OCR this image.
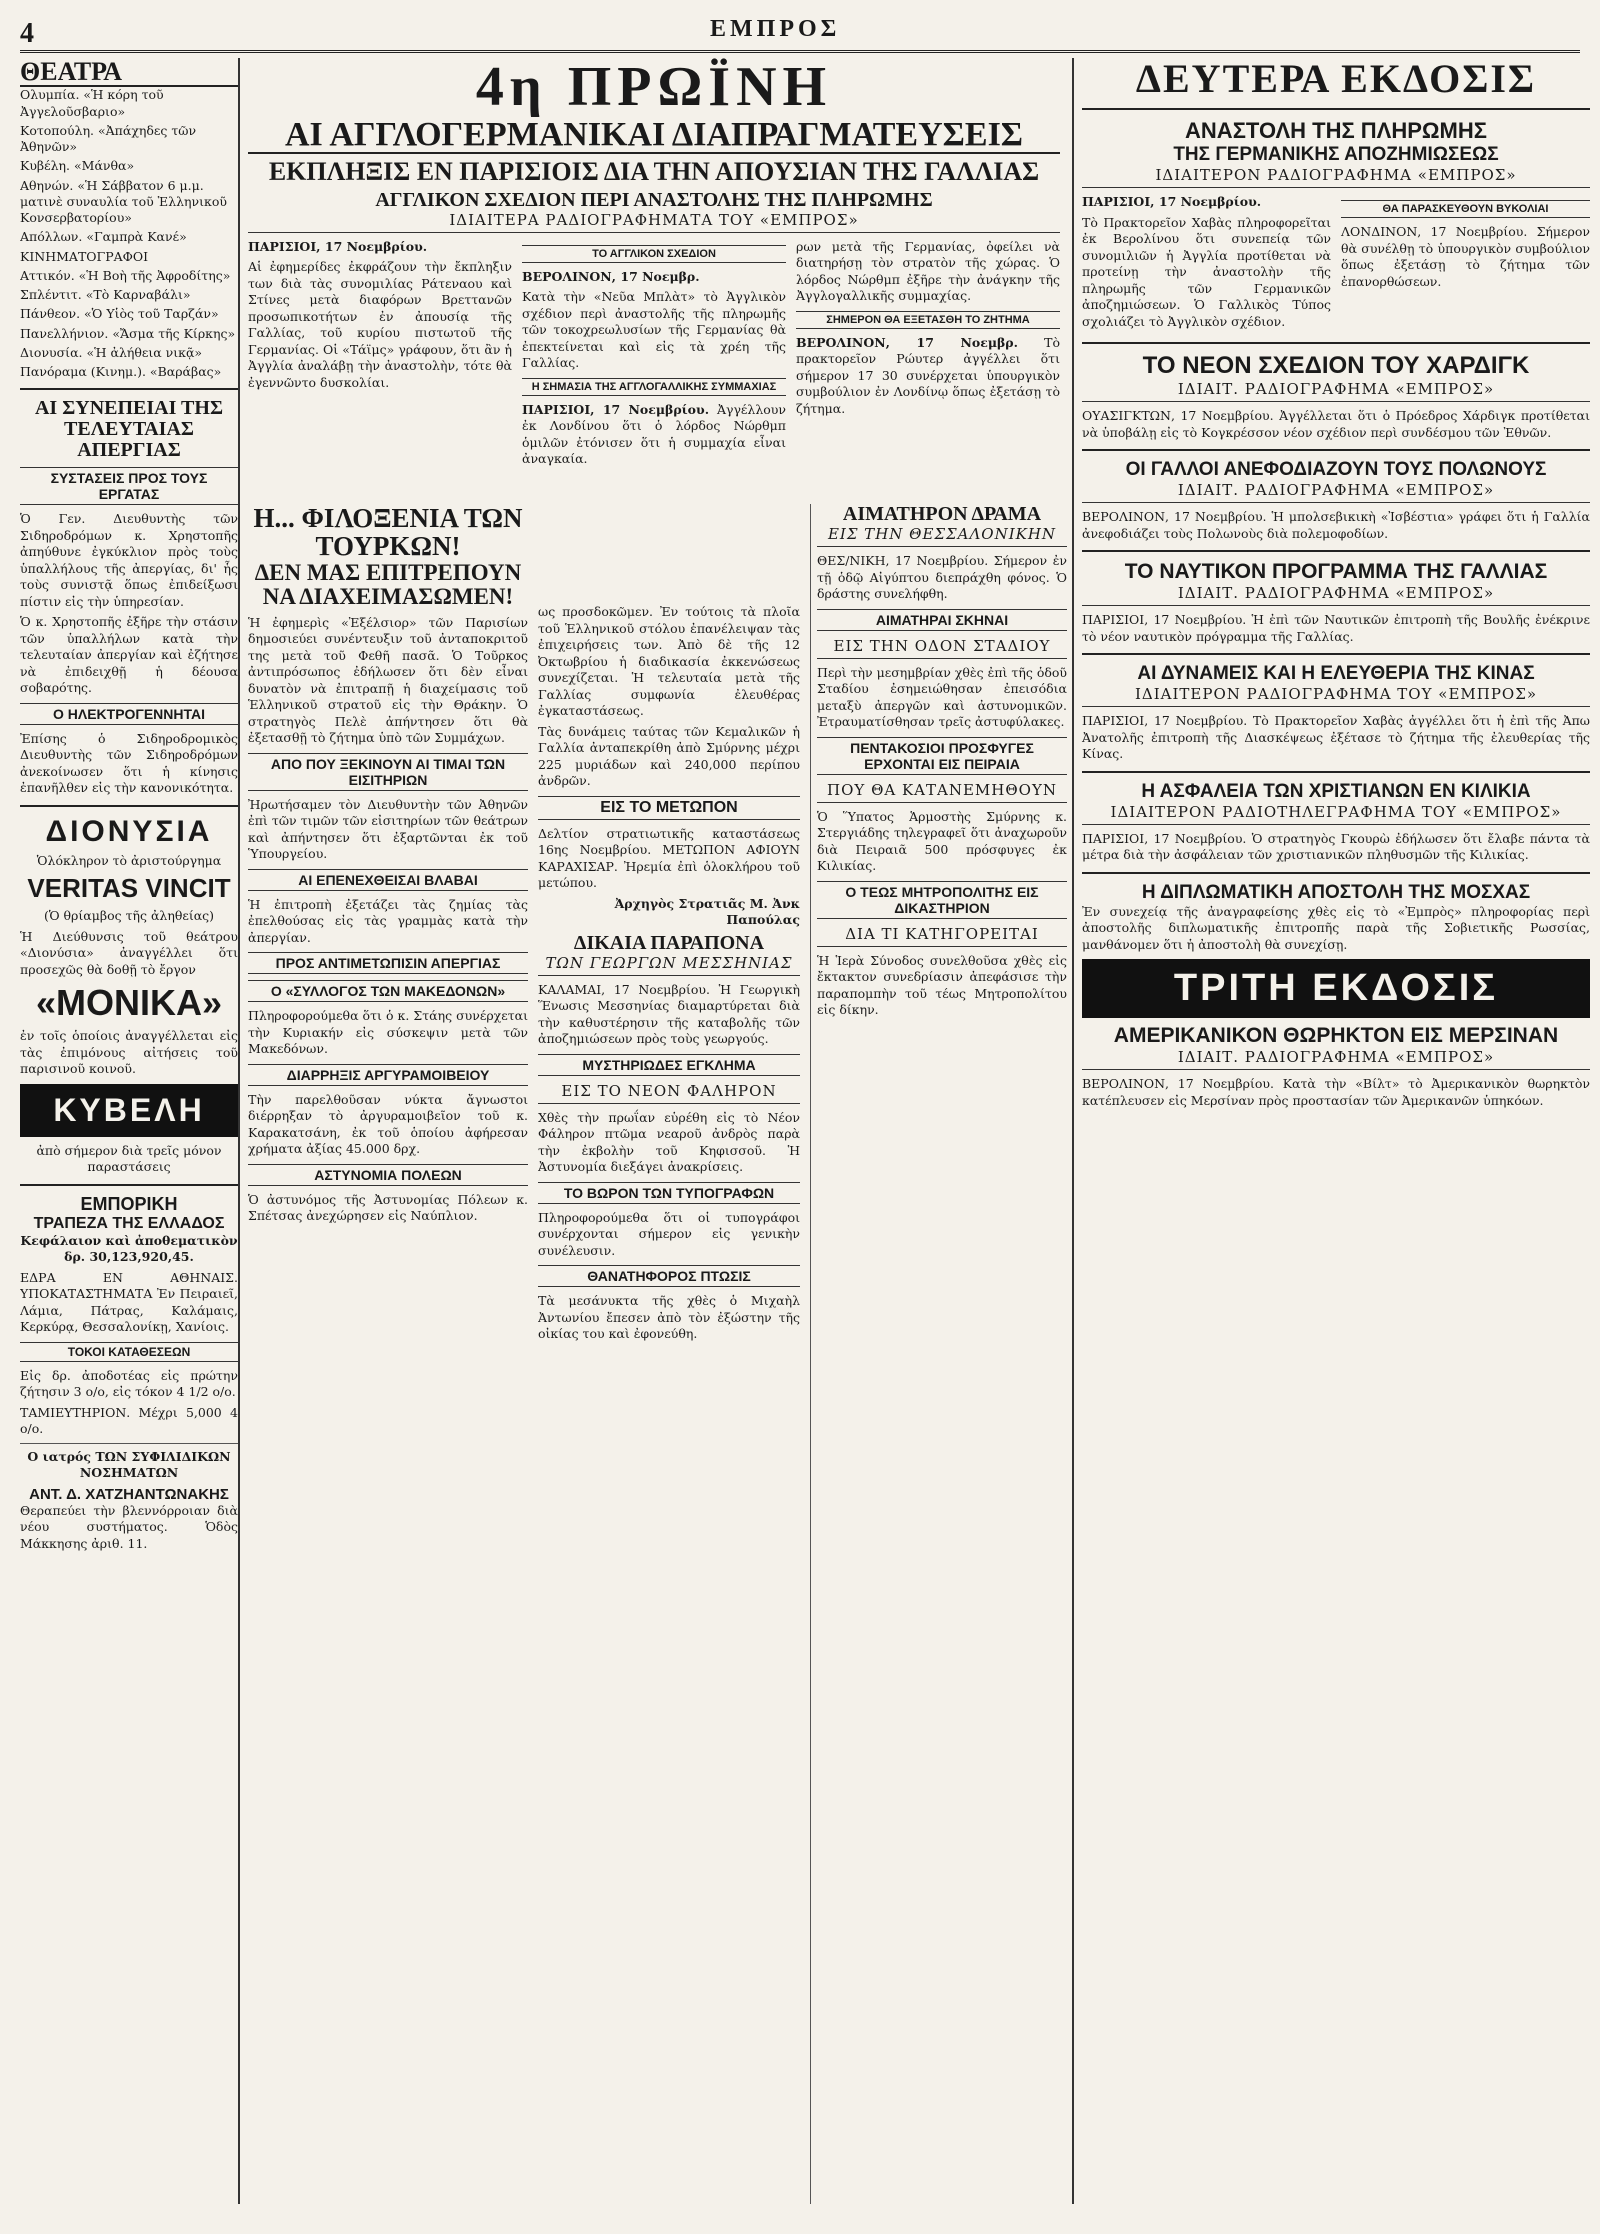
4	ΕΜΠΡΟΣ
ΘΕΑΤΡΑ

Ολυμπία. «Ἡ κόρη τοῦ Ἀγγελοῦσβαριο»

Κοτοπούλη. «Ἀπάχηδες τῶν Ἀθηνῶν»

Κυβέλη. «Μάνθα»

Αθηνών. «Ἡ Σάββατον 6 μ.μ. ματινὲ συναυλία τοῦ Ἑλληνικοῦ Κονσερβατορίου»

Απόλλων. «Γαμπρὰ Κανέ»

ΚΙΝΗΜΑΤΟΓΡΑΦΟΙ

Αττικόν. «Ἡ Βοὴ τῆς Ἀφροδίτης»

Σπλέντιτ. «Τὸ Καρναβάλι»

Πάνθεον. «Ὁ Υἱὸς τοῦ Ταρζάν»

Πανελλήνιον. «Ἄσμα τῆς Κίρκης»

Διονυσία. «Ἡ ἀλήθεια νικᾷ»

Πανόραμα (Κινημ.). «Βαράβας»

ΑΙ ΣΥΝΕΠΕΙΑΙ ΤΗΣ ΤΕΛΕΥΤΑΙΑΣ ΑΠΕΡΓΙΑΣ
ΣΥΣΤΑΣΕΙΣ ΠΡΟΣ ΤΟΥΣ ΕΡΓΑΤΑΣ

Ὁ Γεν. Διευθυντὴς τῶν Σιδηροδρόμων κ. Χρηστοπῆς ἀπηύθυνε ἐγκύκλιον πρὸς τοὺς ὑπαλλήλους τῆς ἀπεργίας, δι' ἧς τοὺς συνιστᾷ ὅπως ἐπιδείξωσι πίστιν εἰς τὴν ὑπηρεσίαν.

Ὁ κ. Χρηστοπῆς ἐξῆρε τὴν στάσιν τῶν ὑπαλλήλων κατὰ τὴν τελευταίαν ἀπεργίαν καὶ ἐζήτησε νὰ ἐπιδειχθῇ ἡ δέουσα σοβαρότης.

Ο ΗΛΕΚΤΡΟΓΕΝΝΗΤΑΙ

Ἐπίσης ὁ Σιδηροδρομικὸς Διευθυντὴς τῶν Σιδηροδρόμων ἀνεκοίνωσεν ὅτι ἡ κίνησις ἐπανῆλθεν εἰς τὴν κανονικότητα.

ΔΙΟΝΥΣΙΑ

Ὁλόκληρον τὸ ἀριστούργημα

VERITAS VINCIT

(Ὁ θρίαμβος τῆς ἀληθείας)

Ἡ Διεύθυνσις τοῦ θεάτρου «Διονύσια» ἀναγγέλλει ὅτι προσεχῶς θὰ δοθῇ τὸ ἔργον

«ΜΟΝΙΚΑ»

ἐν τοῖς ὁποίοις ἀναγγέλλεται εἰς τὰς ἐπιμόνους αἰτήσεις τοῦ παρισινοῦ κοινοῦ.

ΚΥΒΕΛΗ

ἀπὸ σήμερον διὰ τρεῖς μόνον παραστάσεις

ΕΜΠΟΡΙΚΗ
ΤΡΑΠΕΖΑ ΤΗΣ ΕΛΛΑΔΟΣ

Κεφάλαιον καὶ ἀποθεματικὸν δρ. 30,123,920,45.

ΕΔΡΑ ΕΝ ΑΘΗΝΑΙΣ. ΥΠΟΚΑΤΑΣΤΗΜΑΤΑ Ἐν Πειραιεῖ, Λάμια, Πάτρας, Καλάμαις, Κερκύρᾳ, Θεσσαλονίκῃ, Χανίοις.

ΤΟΚΟΙ ΚΑΤΑΘΕΣΕΩΝ

Εἰς δρ. ἀποδοτέας εἰς πρώτην ζήτησιν 3 ο/ο, εἰς τόκον 4 1/2 ο/ο.

ΤΑΜΙΕΥΤΗΡΙΟΝ. Μέχρι 5,000 4 ο/ο.

Ο ιατρός ΤΩΝ ΣΥΦΙΛΙΔΙΚΩΝ ΝΟΣΗΜΑΤΩΝ

ΑΝΤ. Δ. ΧΑΤΖΗΑΝΤΩΝΑΚΗΣ

Θεραπεύει τὴν βλεννόρροιαν διὰ νέου συστήματος. Ὁδὸς Μάκκησης ἀριθ. 11.

4η ΠΡΩΪΝΗ
ΑΙ ΑΓΓΛΟΓΕΡΜΑΝΙΚΑΙ ΔΙΑΠΡΑΓΜΑΤΕΥΣΕΙΣ
ΕΚΠΛΗΞΙΣ ΕΝ ΠΑΡΙΣΙΟΙΣ ΔΙΑ ΤΗΝ ΑΠΟΥΣΙΑΝ ΤΗΣ ΓΑΛΛΙΑΣ
ΑΓΓΛΙΚΟΝ ΣΧΕΔΙΟΝ ΠΕΡΙ ΑΝΑΣΤΟΛΗΣ ΤΗΣ ΠΛΗΡΩΜΗΣ
ΙΔΙΑΙΤΕΡΑ ΡΑΔΙΟΓΡΑΦΗΜΑΤΑ ΤΟΥ «ΕΜΠΡΟΣ»

ΠΑΡΙΣΙΟΙ, 17 Νοεμβρίου.

Αἱ ἐφημερίδες ἐκφράζουν τὴν ἔκπληξιν των διὰ τὰς συνομιλίας Ράτεναου καὶ Στίνες μετὰ διαφόρων Βρεττανῶν προσωπικοτήτων ἐν ἀπουσίᾳ τῆς Γαλλίας, τοῦ κυρίου πιστωτοῦ τῆς Γερμανίας. Οἱ «Τάϊμς» γράφουν, ὅτι ἂν ἡ Ἀγγλία ἀναλάβῃ τὴν ἀναστολὴν, τότε θὰ ἐγεννῶντο δυσκολίαι.

ΤΟ ΑΓΓΛΙΚΟΝ ΣΧΕΔΙΟΝ

ΒΕΡΟΛΙΝΟΝ, 17 Νοεμβρ.

Κατὰ τὴν «Νεῦα Μπλὰτ» τὸ Ἀγγλικὸν σχέδιον περὶ ἀναστολῆς τῆς πληρωμῆς τῶν τοκοχρεωλυσίων τῆς Γερμανίας θὰ ἐπεκτείνεται καὶ εἰς τὰ χρέη τῆς Γαλλίας.

Η ΣΗΜΑΣΙΑ ΤΗΣ ΑΓΓΛΟΓΑΛΛΙΚΗΣ ΣΥΜΜΑΧΙΑΣ

ΠΑΡΙΣΙΟΙ, 17 Νοεμβρίου. Ἀγγέλλουν ἐκ Λονδίνου ὅτι ὁ λόρδος Νώρθμπ ὁμιλῶν ἐτόνισεν ὅτι ἡ συμμαχία εἶναι ἀναγκαία.

ρων μετὰ τῆς Γερμανίας, ὀφείλει νὰ διατηρήσῃ τὸν στρατὸν τῆς χώρας. Ὁ λόρδος Νώρθμπ ἐξῆρε τὴν ἀνάγκην τῆς Ἀγγλογαλλικῆς συμμαχίας.

ΣΗΜΕΡΟΝ ΘΑ ΕΞΕΤΑΣΘΗ ΤΟ ΖΗΤΗΜΑ

ΒΕΡΟΛΙΝΟΝ, 17 Νοεμβρ. Τὸ πρακτορεῖον Ρώυτερ ἀγγέλλει ὅτι σήμερον 17 30 συνέρχεται ὑπουργικὸν συμβούλιον ἐν Λονδίνῳ ὅπως ἐξετάσῃ τὸ ζήτημα.

Η... ΦΙΛΟΞΕΝΙΑ ΤΩΝ ΤΟΥΡΚΩΝ!
ΔΕΝ ΜΑΣ ΕΠΙΤΡΕΠΟΥΝ ΝΑ ΔΙΑΧΕΙΜΑΣΩΜΕΝ!

Ἡ ἐφημερὶς «Ἐξέλσιορ» τῶν Παρισίων δημοσιεύει συνέντευξιν τοῦ ἀνταποκριτοῦ της μετὰ τοῦ Φεθῆ πασᾶ. Ὁ Τοῦρκος ἀντιπρόσωπος ἐδήλωσεν ὅτι δὲν εἶναι δυνατὸν νὰ ἐπιτραπῇ ἡ διαχείμασις τοῦ Ἑλληνικοῦ στρατοῦ εἰς τὴν Θράκην. Ὁ στρατηγὸς Πελὲ ἀπήντησεν ὅτι θὰ ἐξετασθῇ τὸ ζήτημα ὑπὸ τῶν Συμμάχων.

ΑΠΟ ΠΟΥ ΞΕΚΙΝΟΥΝ ΑΙ ΤΙΜΑΙ ΤΩΝ ΕΙΣΙΤΗΡΙΩΝ

Ἠρωτήσαμεν τὸν Διευθυντὴν τῶν Ἀθηνῶν ἐπὶ τῶν τιμῶν τῶν εἰσιτηρίων τῶν θεάτρων καὶ ἀπήντησεν ὅτι ἐξαρτῶνται ἐκ τοῦ Ὑπουργείου.

ΑΙ ΕΠΕΝΕΧΘΕΙΣΑΙ ΒΛΑΒΑΙ

Ἡ ἐπιτροπὴ ἐξετάζει τὰς ζημίας τὰς ἐπελθούσας εἰς τὰς γραμμὰς κατὰ τὴν ἀπεργίαν.

ΠΡΟΣ ΑΝΤΙΜΕΤΩΠΙΣΙΝ ΑΠΕΡΓΙΑΣ
Ο «ΣΥΛΛΟΓΟΣ ΤΩΝ ΜΑΚΕΔΟΝΩΝ»

Πληροφορούμεθα ὅτι ὁ κ. Στάης συνέρχεται τὴν Κυριακήν εἰς σύσκεψιν μετὰ τῶν Μακεδόνων.

ΔΙΑΡΡΗΞΙΣ ΑΡΓΥΡΑΜΟΙΒΕΙΟΥ

Τὴν παρελθοῦσαν νύκτα ἄγνωστοι διέρρηξαν τὸ ἀργυραμοιβεῖον τοῦ κ. Καρακατσάνη, ἐκ τοῦ ὁποίου ἀφήρεσαν χρήματα ἀξίας 45.000 δρχ.

ΑΣΤΥΝΟΜΙΑ ΠΟΛΕΩΝ

Ὁ ἀστυνόμος τῆς Ἀστυνομίας Πόλεων κ. Σπέτσας ἀνεχώρησεν εἰς Ναύπλιον.

ως προσδοκῶμεν. Ἐν τούτοις τὰ πλοῖα τοῦ Ἑλληνικοῦ στόλου ἐπανέλειψαν τὰς ἐπιχειρήσεις των. Ἀπὸ δὲ τῆς 12 Ὀκτωβρίου ἡ διαδικασία ἐκκενώσεως συνεχίζεται. Ἡ τελευταία μετὰ τῆς Γαλλίας συμφωνία ἐλευθέρας ἐγκαταστάσεως.

Τὰς δυνάμεις ταύτας τῶν Κεμαλικῶν ἡ Γαλλία ἀνταπεκρίθη ἀπὸ Σμύρνης μέχρι 225 μυριάδων καὶ 240,000 περίπου ἀνδρῶν.

ΕΙΣ ΤΟ ΜΕΤΩΠΟΝ

Δελτίον στρατιωτικῆς καταστάσεως 16ης Νοεμβρίου. ΜΕΤΩΠΟΝ ΑΦΙΟΥΝ ΚΑΡΑΧΙΣΑΡ. Ἠρεμία ἐπὶ ὁλοκλήρου τοῦ μετώπου.

Ἀρχηγὸς Στρατιᾶς Μ. Ἀνκ Παπούλας

ΔΙΚΑΙΑ ΠΑΡΑΠΟΝΑ
ΤΩΝ ΓΕΩΡΓΩΝ ΜΕΣΣΗΝΙΑΣ

ΚΑΛΑΜΑΙ, 17 Νοεμβρίου. Ἡ Γεωργικὴ Ἕνωσις Μεσσηνίας διαμαρτύρεται διὰ τὴν καθυστέρησιν τῆς καταβολῆς τῶν ἀποζημιώσεων πρὸς τοὺς γεωργούς.

ΜΥΣΤΗΡΙΩΔΕΣ ΕΓΚΛΗΜΑ
ΕΙΣ ΤΟ ΝΕΟΝ ΦΑΛΗΡΟΝ

Χθὲς τὴν πρωΐαν εὑρέθη εἰς τὸ Νέον Φάληρον πτῶμα νεαροῦ ἀνδρὸς παρὰ τὴν ἐκβολὴν τοῦ Κηφισσοῦ. Ἡ Ἀστυνομία διεξάγει ἀνακρίσεις.

ΤΟ ΒΩΡΟΝ ΤΩΝ ΤΥΠΟΓΡΑΦΩΝ

Πληροφορούμεθα ὅτι οἱ τυπογράφοι συνέρχονται σήμερον εἰς γενικὴν συνέλευσιν.

ΘΑΝΑΤΗΦΟΡΟΣ ΠΤΩΣΙΣ

Τὰ μεσάνυκτα τῆς χθὲς ὁ Μιχαὴλ Ἀντωνίου ἔπεσεν ἀπὸ τὸν ἐξώστην τῆς οἰκίας του καὶ ἐφονεύθη.

ΑΙΜΑΤΗΡΟΝ ΔΡΑΜΑ
ΕΙΣ ΤΗΝ ΘΕΣΣΑΛΟΝΙΚΗΝ

ΘΕΣ/ΝΙΚΗ, 17 Νοεμβρίου. Σήμερον ἐν τῇ ὁδῷ Αἰγύπτου διεπράχθη φόνος. Ὁ δράστης συνελήφθη.

ΑΙΜΑΤΗΡΑΙ ΣΚΗΝΑΙ
ΕΙΣ ΤΗΝ ΟΔΟΝ ΣΤΑΔΙΟΥ

Περὶ τὴν μεσημβρίαν χθὲς ἐπὶ τῆς ὁδοῦ Σταδίου ἐσημειώθησαν ἐπεισόδια μεταξὺ ἀπεργῶν καὶ ἀστυνομικῶν. Ἐτραυματίσθησαν τρεῖς ἀστυφύλακες.

ΠΕΝΤΑΚΟΣΙΟΙ ΠΡΟΣΦΥΓΕΣ ΕΡΧΟΝΤΑΙ ΕΙΣ ΠΕΙΡΑΙΑ
ΠΟΥ ΘΑ ΚΑΤΑΝΕΜΗΘΟΥΝ

Ὁ Ὕπατος Ἁρμοστὴς Σμύρνης κ. Στεργιάδης τηλεγραφεῖ ὅτι ἀναχωροῦν διὰ Πειραιᾶ 500 πρόσφυγες ἐκ Κιλικίας.

Ο ΤΕΩΣ ΜΗΤΡΟΠΟΛΙΤΗΣ ΕΙΣ ΔΙΚΑΣΤΗΡΙΟΝ
ΔΙΑ ΤΙ ΚΑΤΗΓΟΡΕΙΤΑΙ

Ἡ Ἱερὰ Σύνοδος συνελθοῦσα χθὲς εἰς ἔκτακτον συνεδρίασιν ἀπεφάσισε τὴν παραπομπὴν τοῦ τέως Μητροπολίτου εἰς δίκην.

ΔΕΥΤΕΡΑ ΕΚΔΟΣΙΣ
ΑΝΑΣΤΟΛΗ ΤΗΣ ΠΛΗΡΩΜΗΣ
ΤΗΣ ΓΕΡΜΑΝΙΚΗΣ ΑΠΟΖΗΜΙΩΣΕΩΣ
ΙΔΙΑΙΤΕΡΟΝ ΡΑΔΙΟΓΡΑΦΗΜΑ «ΕΜΠΡΟΣ»

ΠΑΡΙΣΙΟΙ, 17 Νοεμβρίου.

Τὸ Πρακτορεῖον Χαβὰς πληροφορεῖται ἐκ Βερολίνου ὅτι συνεπείᾳ τῶν συνομιλιῶν ἡ Ἀγγλία προτίθεται νὰ προτείνῃ τὴν ἀναστολὴν τῆς πληρωμῆς τῶν Γερμανικῶν ἀποζημιώσεων. Ὁ Γαλλικὸς Τύπος σχολιάζει τὸ Ἀγγλικὸν σχέδιον.

ΘΑ ΠΑΡΑΣΚΕΥΘΟΥΝ ΒΥΚΟΛΙΑΙ

ΛΟΝΔΙΝΟΝ, 17 Νοεμβρίου. Σήμερον θὰ συνέλθῃ τὸ ὑπουργικὸν συμβούλιον ὅπως ἐξετάσῃ τὸ ζήτημα τῶν ἐπανορθώσεων.

ΤΟ ΝΕΟΝ ΣΧΕΔΙΟΝ ΤΟΥ ΧΑΡΔΙΓΚ
ΙΔΙΑΙΤ. ΡΑΔΙΟΓΡΑΦΗΜΑ «ΕΜΠΡΟΣ»

ΟΥΑΣΙΓΚΤΩΝ, 17 Νοεμβρίου. Ἀγγέλλεται ὅτι ὁ Πρόεδρος Χάρδιγκ προτίθεται νὰ ὑποβάλῃ εἰς τὸ Κογκρέσσον νέον σχέδιον περὶ συνδέσμου τῶν Ἐθνῶν.

ΟΙ ΓΑΛΛΟΙ ΑΝΕΦΟΔΙΑΖΟΥΝ ΤΟΥΣ ΠΟΛΩΝΟΥΣ
ΙΔΙΑΙΤ. ΡΑΔΙΟΓΡΑΦΗΜΑ «ΕΜΠΡΟΣ»

ΒΕΡΟΛΙΝΟΝ, 17 Νοεμβρίου. Ἡ μπολσεβικικὴ «Ἰσβέστια» γράφει ὅτι ἡ Γαλλία ἀνεφοδιάζει τοὺς Πολωνοὺς διὰ πολεμοφοδίων.

ΤΟ ΝΑΥΤΙΚΟΝ ΠΡΟΓΡΑΜΜΑ ΤΗΣ ΓΑΛΛΙΑΣ
ΙΔΙΑΙΤ. ΡΑΔΙΟΓΡΑΦΗΜΑ «ΕΜΠΡΟΣ»

ΠΑΡΙΣΙΟΙ, 17 Νοεμβρίου. Ἡ ἐπὶ τῶν Ναυτικῶν ἐπιτροπὴ τῆς Βουλῆς ἐνέκρινε τὸ νέον ναυτικὸν πρόγραμμα τῆς Γαλλίας.

ΑΙ ΔΥΝΑΜΕΙΣ ΚΑΙ Η ΕΛΕΥΘΕΡΙΑ ΤΗΣ ΚΙΝΑΣ
ΙΔΙΑΙΤΕΡΟΝ ΡΑΔΙΟΓΡΑΦΗΜΑ ΤΟΥ «ΕΜΠΡΟΣ»

ΠΑΡΙΣΙΟΙ, 17 Νοεμβρίου. Τὸ Πρακτορεῖον Χαβὰς ἀγγέλλει ὅτι ἡ ἐπὶ τῆς Ἀπω Ἀνατολῆς ἐπιτροπὴ τῆς Διασκέψεως ἐξέτασε τὸ ζήτημα τῆς ἐλευθερίας τῆς Κίνας.

Η ΑΣΦΑΛΕΙΑ ΤΩΝ ΧΡΙΣΤΙΑΝΩΝ ΕΝ ΚΙΛΙΚΙΑ
ΙΔΙΑΙΤΕΡΟΝ ΡΑΔΙΟΤΗΛΕΓΡΑΦΗΜΑ ΤΟΥ «ΕΜΠΡΟΣ»

ΠΑΡΙΣΙΟΙ, 17 Νοεμβρίου. Ὁ στρατηγὸς Γκουρὼ ἐδήλωσεν ὅτι ἔλαβε πάντα τὰ μέτρα διὰ τὴν ἀσφάλειαν τῶν χριστιανικῶν πληθυσμῶν τῆς Κιλικίας.

Η ΔΙΠΛΩΜΑΤΙΚΗ ΑΠΟΣΤΟΛΗ ΤΗΣ ΜΟΣΧΑΣ

Ἐν συνεχείᾳ τῆς ἀναγραφείσης χθὲς εἰς τὸ «Ἐμπρὸς» πληροφορίας περὶ ἀποστολῆς διπλωματικῆς ἐπιτροπῆς παρὰ τῆς Σοβιετικῆς Ρωσσίας, μανθάνομεν ὅτι ἡ ἀποστολὴ θὰ συνεχίσῃ.

ΤΡΙΤΗ ΕΚΔΟΣΙΣ
ΑΜΕΡΙΚΑΝΙΚΟΝ ΘΩΡΗΚΤΟΝ ΕΙΣ ΜΕΡΣΙΝΑΝ
ΙΔΙΑΙΤ. ΡΑΔΙΟΓΡΑΦΗΜΑ «ΕΜΠΡΟΣ»

ΒΕΡΟΛΙΝΟΝ, 17 Νοεμβρίου. Κατὰ τὴν «Βίλτ» τὸ Ἀμερικανικὸν θωρηκτὸν κατέπλευσεν εἰς Μερσίναν πρὸς προστασίαν τῶν Ἀμερικανῶν ὑπηκόων.
